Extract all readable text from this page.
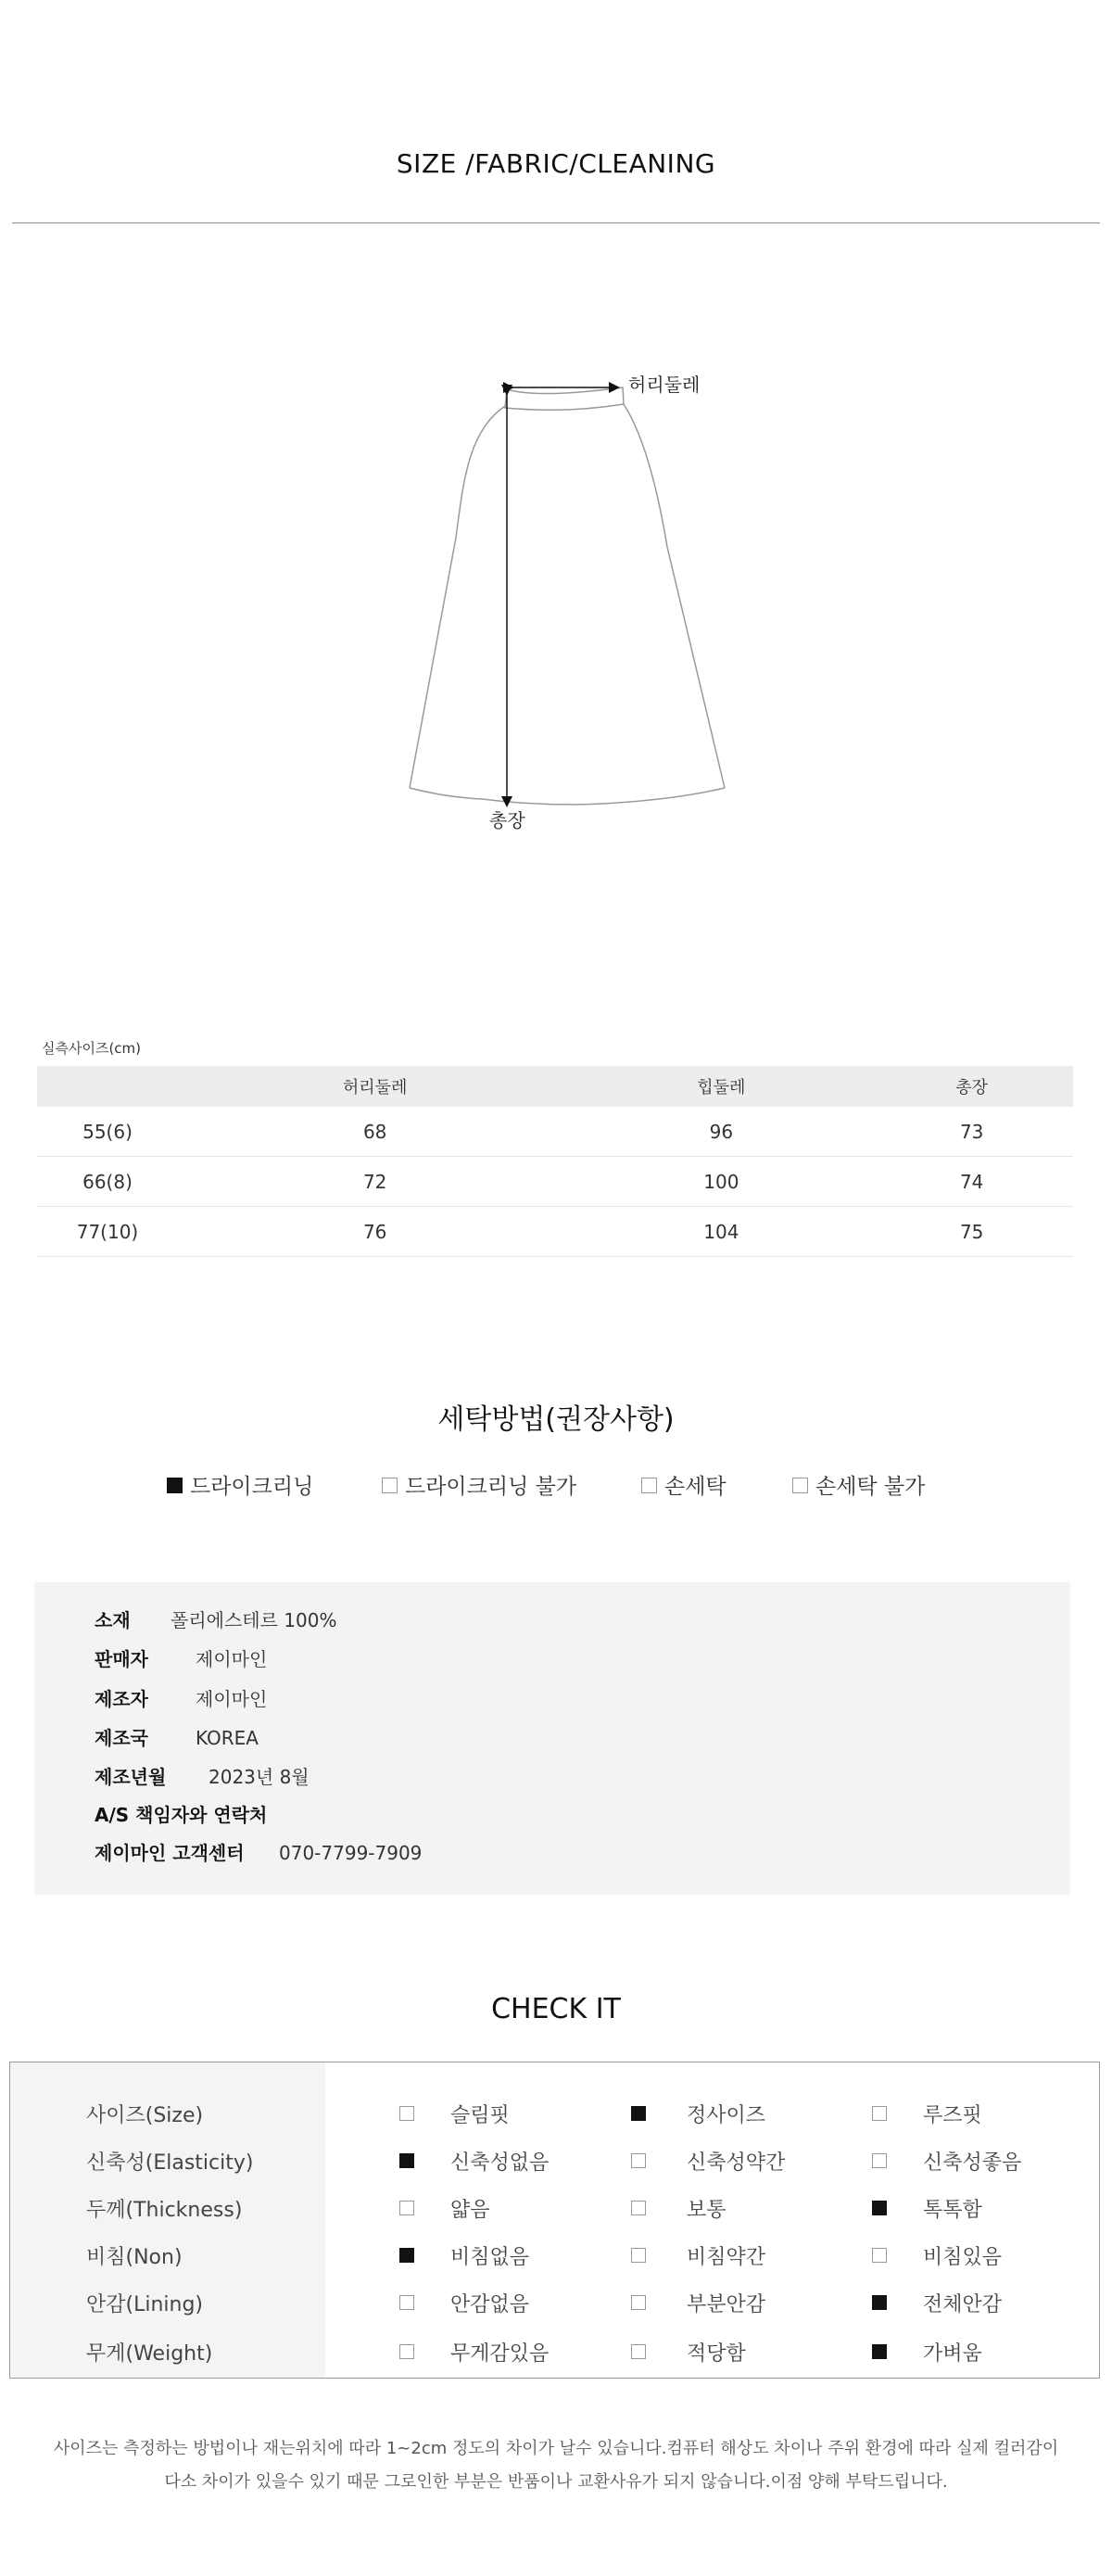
SIZE /FABRIC/CLEANING
허리둘레
총장
실측사이즈(cm)
	허리둘레	힙둘레	총장
55(6)	68	96	73
66(8)	72	100	74
77(10)	76	104	75
세탁방법(권장사항)
드라이크리닝	드라이크리닝 불가	손세탁	손세탁 불가
소재 폴리에스테르 100%
판매자	제이마인
제조자	제이마인
제조국	KOREA
제조년월 2023년 8월
A/S 책임자와 연락처
제이마인 고객센터 070-7799-7909
CHECK IT
사이즈(Size)	슬림핏	정사이즈	루즈핏
신축성(Elasticity)	신축성없음	신축성약간	신축성좋음
두께(Thickness)	얇음	보통	톡톡함
비침(Non)	비침없음	비침약간	비침있음
안감(Lining)	안감없음	부분안감	전체안감
무게(Weight)	무게감있음	적당함	가벼움
사이즈는 측정하는 방법이나 재는위치에 따라 1~2cm 정도의 차이가 날수 있습니다.컴퓨터 해상도 차이나 주위 환경에 따라 실제 컬러감이
다소 차이가 있을수 있기 때문 그로인한 부분은 반품이나 교환사유가 되지 않습니다.이점 양해 부탁드립니다.
